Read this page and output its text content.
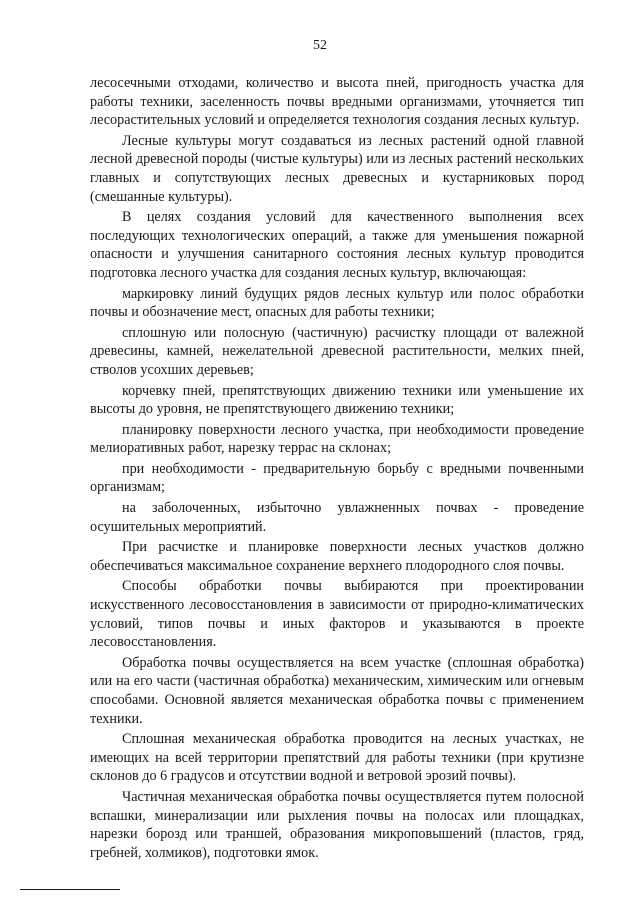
52

лесосечными отходами, количество и высота пней, пригодность участка для работы техники, заселенность почвы вредными организмами, уточняется тип лесорастительных условий и определяется технология создания лесных культур.

Лесные культуры могут создаваться из лесных растений одной главной лесной древесной породы (чистые культуры) или из лесных растений нескольких главных и сопутствующих лесных древесных и кустарниковых пород (смешанные культуры).

В целях создания условий для качественного выполнения всех последующих технологических операций, а также для уменьшения пожарной опасности и улучшения санитарного состояния лесных культур проводится подготовка лесного участка для создания лесных культур, включающая:

маркировку линий будущих рядов лесных культур или полос обработки почвы и обозначение мест, опасных для работы техники;

сплошную или полосную (частичную) расчистку площади от валежной древесины, камней, нежелательной древесной растительности, мелких пней, стволов усохших деревьев;

корчевку пней, препятствующих движению техники или уменьшение их высоты до уровня, не препятствующего движению техники;

планировку поверхности лесного участка, при необходимости проведение мелиоративных работ, нарезку террас на склонах;

при необходимости - предварительную борьбу с вредными почвенными организмам;

на заболоченных, избыточно увлажненных почвах - проведение осушительных мероприятий.

При расчистке и планировке поверхности лесных участков должно обеспечиваться максимальное сохранение верхнего плодородного слоя почвы.

Способы обработки почвы выбираются при проектировании искусственного лесовосстановления в зависимости от природно-климатических условий, типов почвы и иных факторов и указываются в проекте лесовосстановления.

Обработка почвы осуществляется на всем участке (сплошная обработка) или на его части (частичная обработка) механическим, химическим или огневым способами. Основной является механическая обработка почвы с применением техники.

Сплошная механическая обработка проводится на лесных участках, не имеющих на всей территории препятствий для работы техники (при крутизне склонов до 6 градусов и отсутствии водной и ветровой эрозий почвы).

Частичная механическая обработка почвы осуществляется путем полосной вспашки, минерализации или рыхления почвы на полосах или площадках, нарезки борозд или траншей, образования микроповышений (пластов, гряд, гребней, холмиков), подготовки ямок.
